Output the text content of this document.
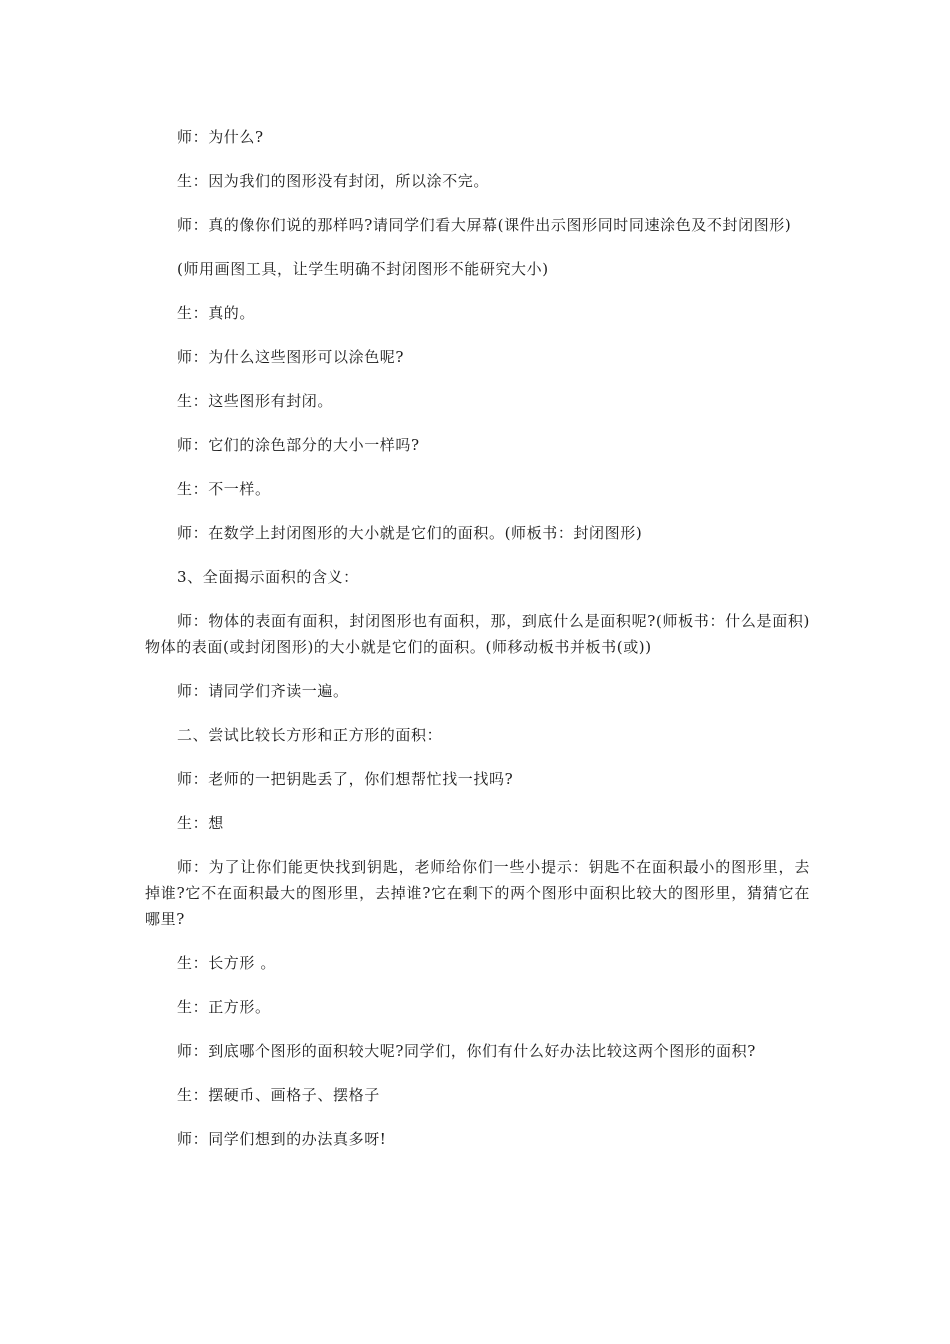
师：为什么?

生：因为我们的图形没有封闭，所以涂不完。

师：真的像你们说的那样吗?请同学们看大屏幕(课件出示图形同时同速涂色及不封闭图形)

(师用画图工具，让学生明确不封闭图形不能研究大小)

生：真的。

师：为什么这些图形可以涂色呢?

生：这些图形有封闭。

师：它们的涂色部分的大小一样吗?

生：不一样。

师：在数学上封闭图形的大小就是它们的面积。(师板书：封闭图形)

3、全面揭示面积的含义：

师：物体的表面有面积，封闭图形也有面积，那，到底什么是面积呢?(师板书：什么是面积)物体的表面(或封闭图形)的大小就是它们的面积。(师移动板书并板书(或))

师：请同学们齐读一遍。

二、尝试比较长方形和正方形的面积：

师：老师的一把钥匙丢了，你们想帮忙找一找吗?

生：想

师：为了让你们能更快找到钥匙，老师给你们一些小提示：钥匙不在面积最小的图形里，去掉谁?它不在面积最大的图形里，去掉谁?它在剩下的两个图形中面积比较大的图形里，猜猜它在哪里?

生：长方形 。

生：正方形。

师：到底哪个图形的面积较大呢?同学们，你们有什么好办法比较这两个图形的面积?

生：摆硬币、画格子、摆格子

师：同学们想到的办法真多呀!
